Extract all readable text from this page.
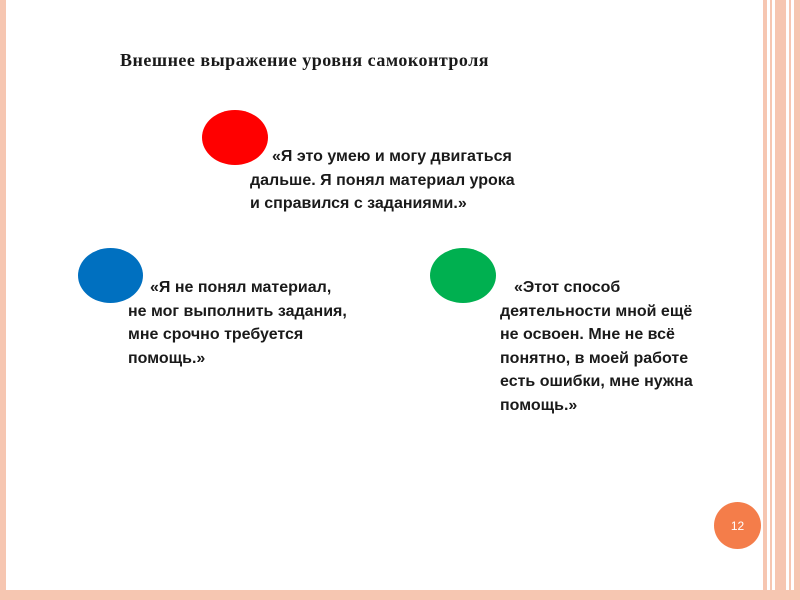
Внешнее выражение уровня самоконтроля
«Я это умею и могу двигаться дальше. Я понял материал урока и справился с заданиями.»
«Я не понял материал, не мог выполнить задания, мне срочно требуется помощь.»
«Этот способ деятельности мной ещё не освоен. Мне не всё понятно, в моей работе есть ошибки, мне нужна помощь.»
12
